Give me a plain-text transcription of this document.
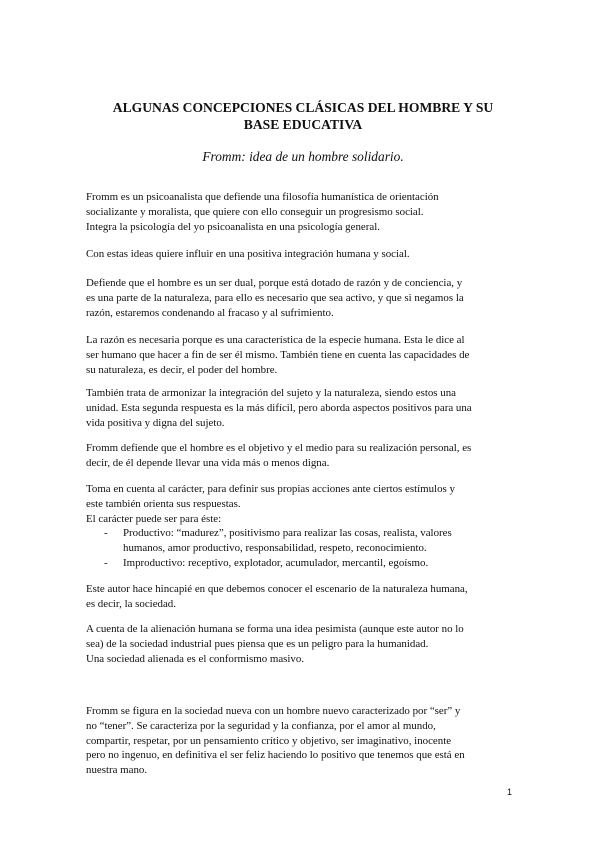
ALGUNAS CONCEPCIONES CLÁSICAS DEL HOMBRE Y SU
BASE EDUCATIVA
Fromm: idea de un hombre solidario.
Fromm es un psicoanalista que defiende una filosofía humanística de orientación
socializante y moralista, que quiere con ello conseguir un progresismo social.
Integra la psicología del yo psicoanalista en una psicología general.
Con estas ideas quiere influir en una positiva integración humana y social.
Defiende que el hombre es un ser dual, porque está dotado de razón y de conciencia, y
es una parte de la naturaleza, para ello es necesario que sea activo, y que si negamos la
razón, estaremos condenando al fracaso y al sufrimiento.
La razón es necesaria porque es una característica de la especie humana. Esta le dice al
ser humano que hacer a fin de ser él mismo. También tiene en cuenta las capacidades de
su naturaleza, es decir, el poder del hombre.
También trata de armonizar la integración del sujeto y la naturaleza, siendo estos una
unidad. Esta segunda respuesta es la más difícil, pero aborda aspectos positivos para una
vida positiva y digna del sujeto.
Fromm defiende que el hombre es el objetivo y el medio para su realización personal, es
decir, de él depende llevar una vida más o menos digna.
Toma en cuenta al carácter, para definir sus propias acciones ante ciertos estímulos y
este también orienta sus respuestas.
El carácter puede ser para éste:
- Productivo: “madurez”, positivismo para realizar las cosas, realista, valores
humanos, amor productivo, responsabilidad, respeto, reconocimiento.
- Improductivo: receptivo, explotador, acumulador, mercantil, egoísmo.
Este autor hace hincapié en que debemos conocer el escenario de la naturaleza humana,
es decir, la sociedad.
A cuenta de la alienación humana se forma una idea pesimista (aunque este autor no lo
sea) de la sociedad industrial pues piensa que es un peligro para la humanidad.
Una sociedad alienada es el conformismo masivo.
Fromm se figura en la sociedad nueva con un hombre nuevo caracterizado por “ser” y
no “tener”. Se caracteriza por la seguridad y la confianza, por el amor al mundo,
compartir, respetar, por un pensamiento crítico y objetivo, ser imaginativo, inocente
pero no ingenuo, en definitiva el ser feliz haciendo lo positivo que tenemos que está en
nuestra mano.
1
